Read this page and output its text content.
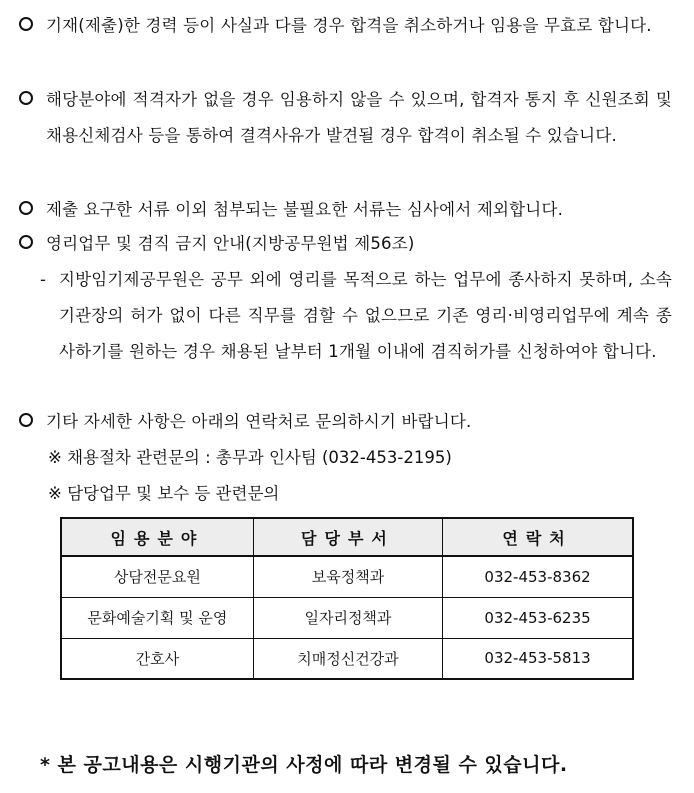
기재(제출)한 경력 등이 사실과 다를 경우 합격을 취소하거나 임용을 무효로 합니다.
해당분야에 적격자가 없을 경우 임용하지 않을 수 있으며, 합격자 통지 후 신원조회 및 채용신체검사 등을 통하여 결격사유가 발견될 경우 합격이 취소될 수 있습니다.
제출 요구한 서류 이외 첨부되는 불필요한 서류는 심사에서 제외합니다.
영리업무 및 겸직 금지 안내(지방공무원법 제56조)
- 지방임기제공무원은 공무 외에 영리를 목적으로 하는 업무에 종사하지 못하며, 소속 기관장의 허가 없이 다른 직무를 겸할 수 없으므로 기존 영리·비영리업무에 계속 종사하기를 원하는 경우 채용된 날부터 1개월 이내에 겸직허가를 신청하여야 합니다.
기타 자세한 사항은 아래의 연락처로 문의하시기 바랍니다.
※ 채용절차 관련문의 : 총무과 인사팀 (032-453-2195)
※ 담당업무 및 보수 등 관련문의
임용분야	담당부서	연락처
상담전문요원	보육정책과	032-453-8362
문화예술기획 및 운영	일자리정책과	032-453-6235
간호사	치매정신건강과	032-453-5813
* 본 공고내용은 시행기관의 사정에 따라 변경될 수 있습니다.
